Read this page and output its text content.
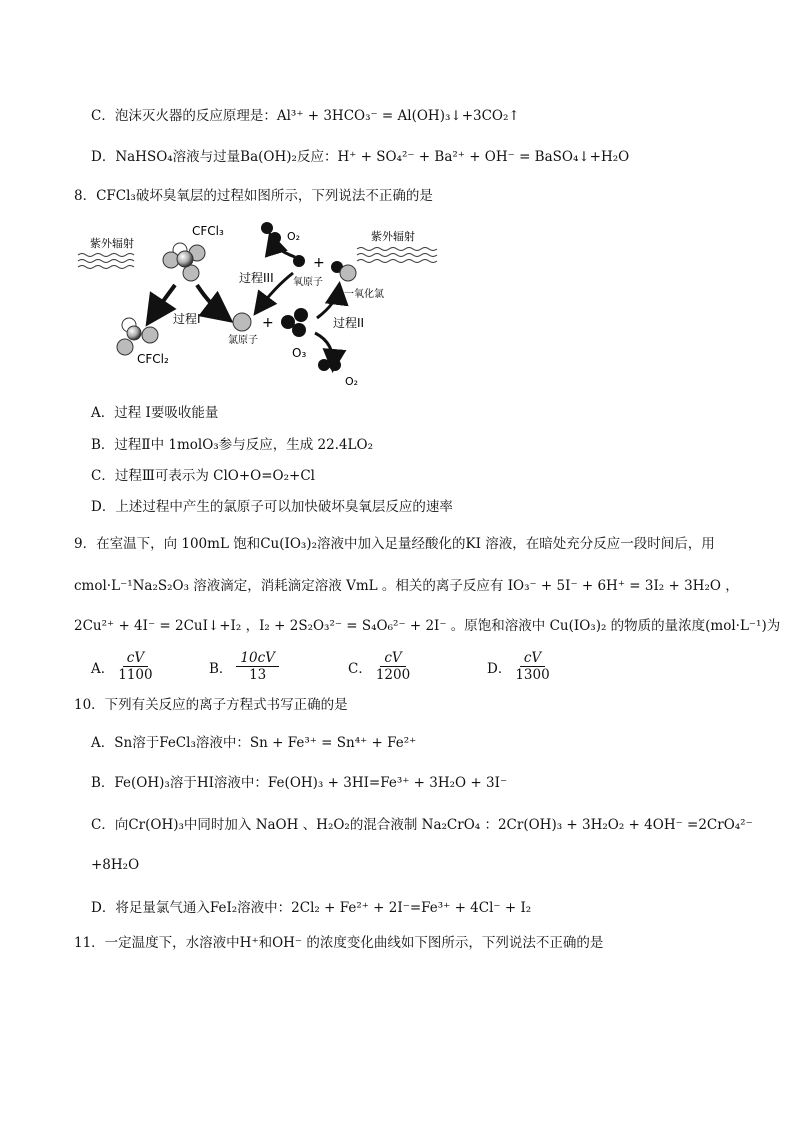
C．泡沫灭火器的反应原理是：Al³⁺ + 3HCO₃⁻ = Al(OH)₃↓+3CO₂↑
D．NaHSO₄溶液与过量Ba(OH)₂反应：H⁺ + SO₄²⁻ + Ba²⁺ + OH⁻ = BaSO₄↓+H₂O
8．CFCl₃破坏臭氧层的过程如图所示，下列说法不正确的是
紫外辐射
CFCl₃
过程I
CFCl₂
氯原子
+
O₃
O₂
过程II
+
氧原子
一氧化氯
过程III
O₂	紫外辐射
A．过程 I要吸收能量
B．过程Ⅱ中 1molO₃参与反应，生成 22.4LO₂
C．过程Ⅲ可表示为 ClO+O=O₂+Cl
D．上述过程中产生的氯原子可以加快破坏臭氧层反应的速率
9．在室温下，向 100mL 饱和Cu(IO₃)₂溶液中加入足量经酸化的KI 溶液，在暗处充分反应一段时间后，用
cmol·L⁻¹Na₂S₂O₃ 溶液滴定，消耗滴定溶液 VmL 。相关的离子反应有 IO₃⁻ + 5I⁻ + 6H⁺ = 3I₂ + 3H₂O ，
2Cu²⁺ + 4I⁻ = 2CuI↓+I₂ ，I₂ + 2S₂O₃²⁻ = S₄O₆²⁻ + 2I⁻ 。原饱和溶液中 Cu(IO₃)₂ 的物质的量浓度(mol·L⁻¹)为
A． $\frac{cV}{1100}$	B． $\frac{10cV}{13}$	C． $\frac{cV}{1200}$	D． $\frac{cV}{1300}$
10．下列有关反应的离子方程式书写正确的是
A．Sn溶于FeCl₃溶液中：Sn + Fe³⁺ = Sn⁴⁺ + Fe²⁺
B．Fe(OH)₃溶于HI溶液中：Fe(OH)₃ + 3HI=Fe³⁺ + 3H₂O + 3I⁻
C．向Cr(OH)₃中同时加入 NaOH 、H₂O₂的混合液制 Na₂CrO₄ ：2Cr(OH)₃ + 3H₂O₂ + 4OH⁻ =2CrO₄²⁻
+8H₂O
D．将足量氯气通入FeI₂溶液中：2Cl₂ + Fe²⁺ + 2I⁻=Fe³⁺ + 4Cl⁻ + I₂
11．一定温度下，水溶液中H⁺和OH⁻ 的浓度变化曲线如下图所示，下列说法不正确的是
